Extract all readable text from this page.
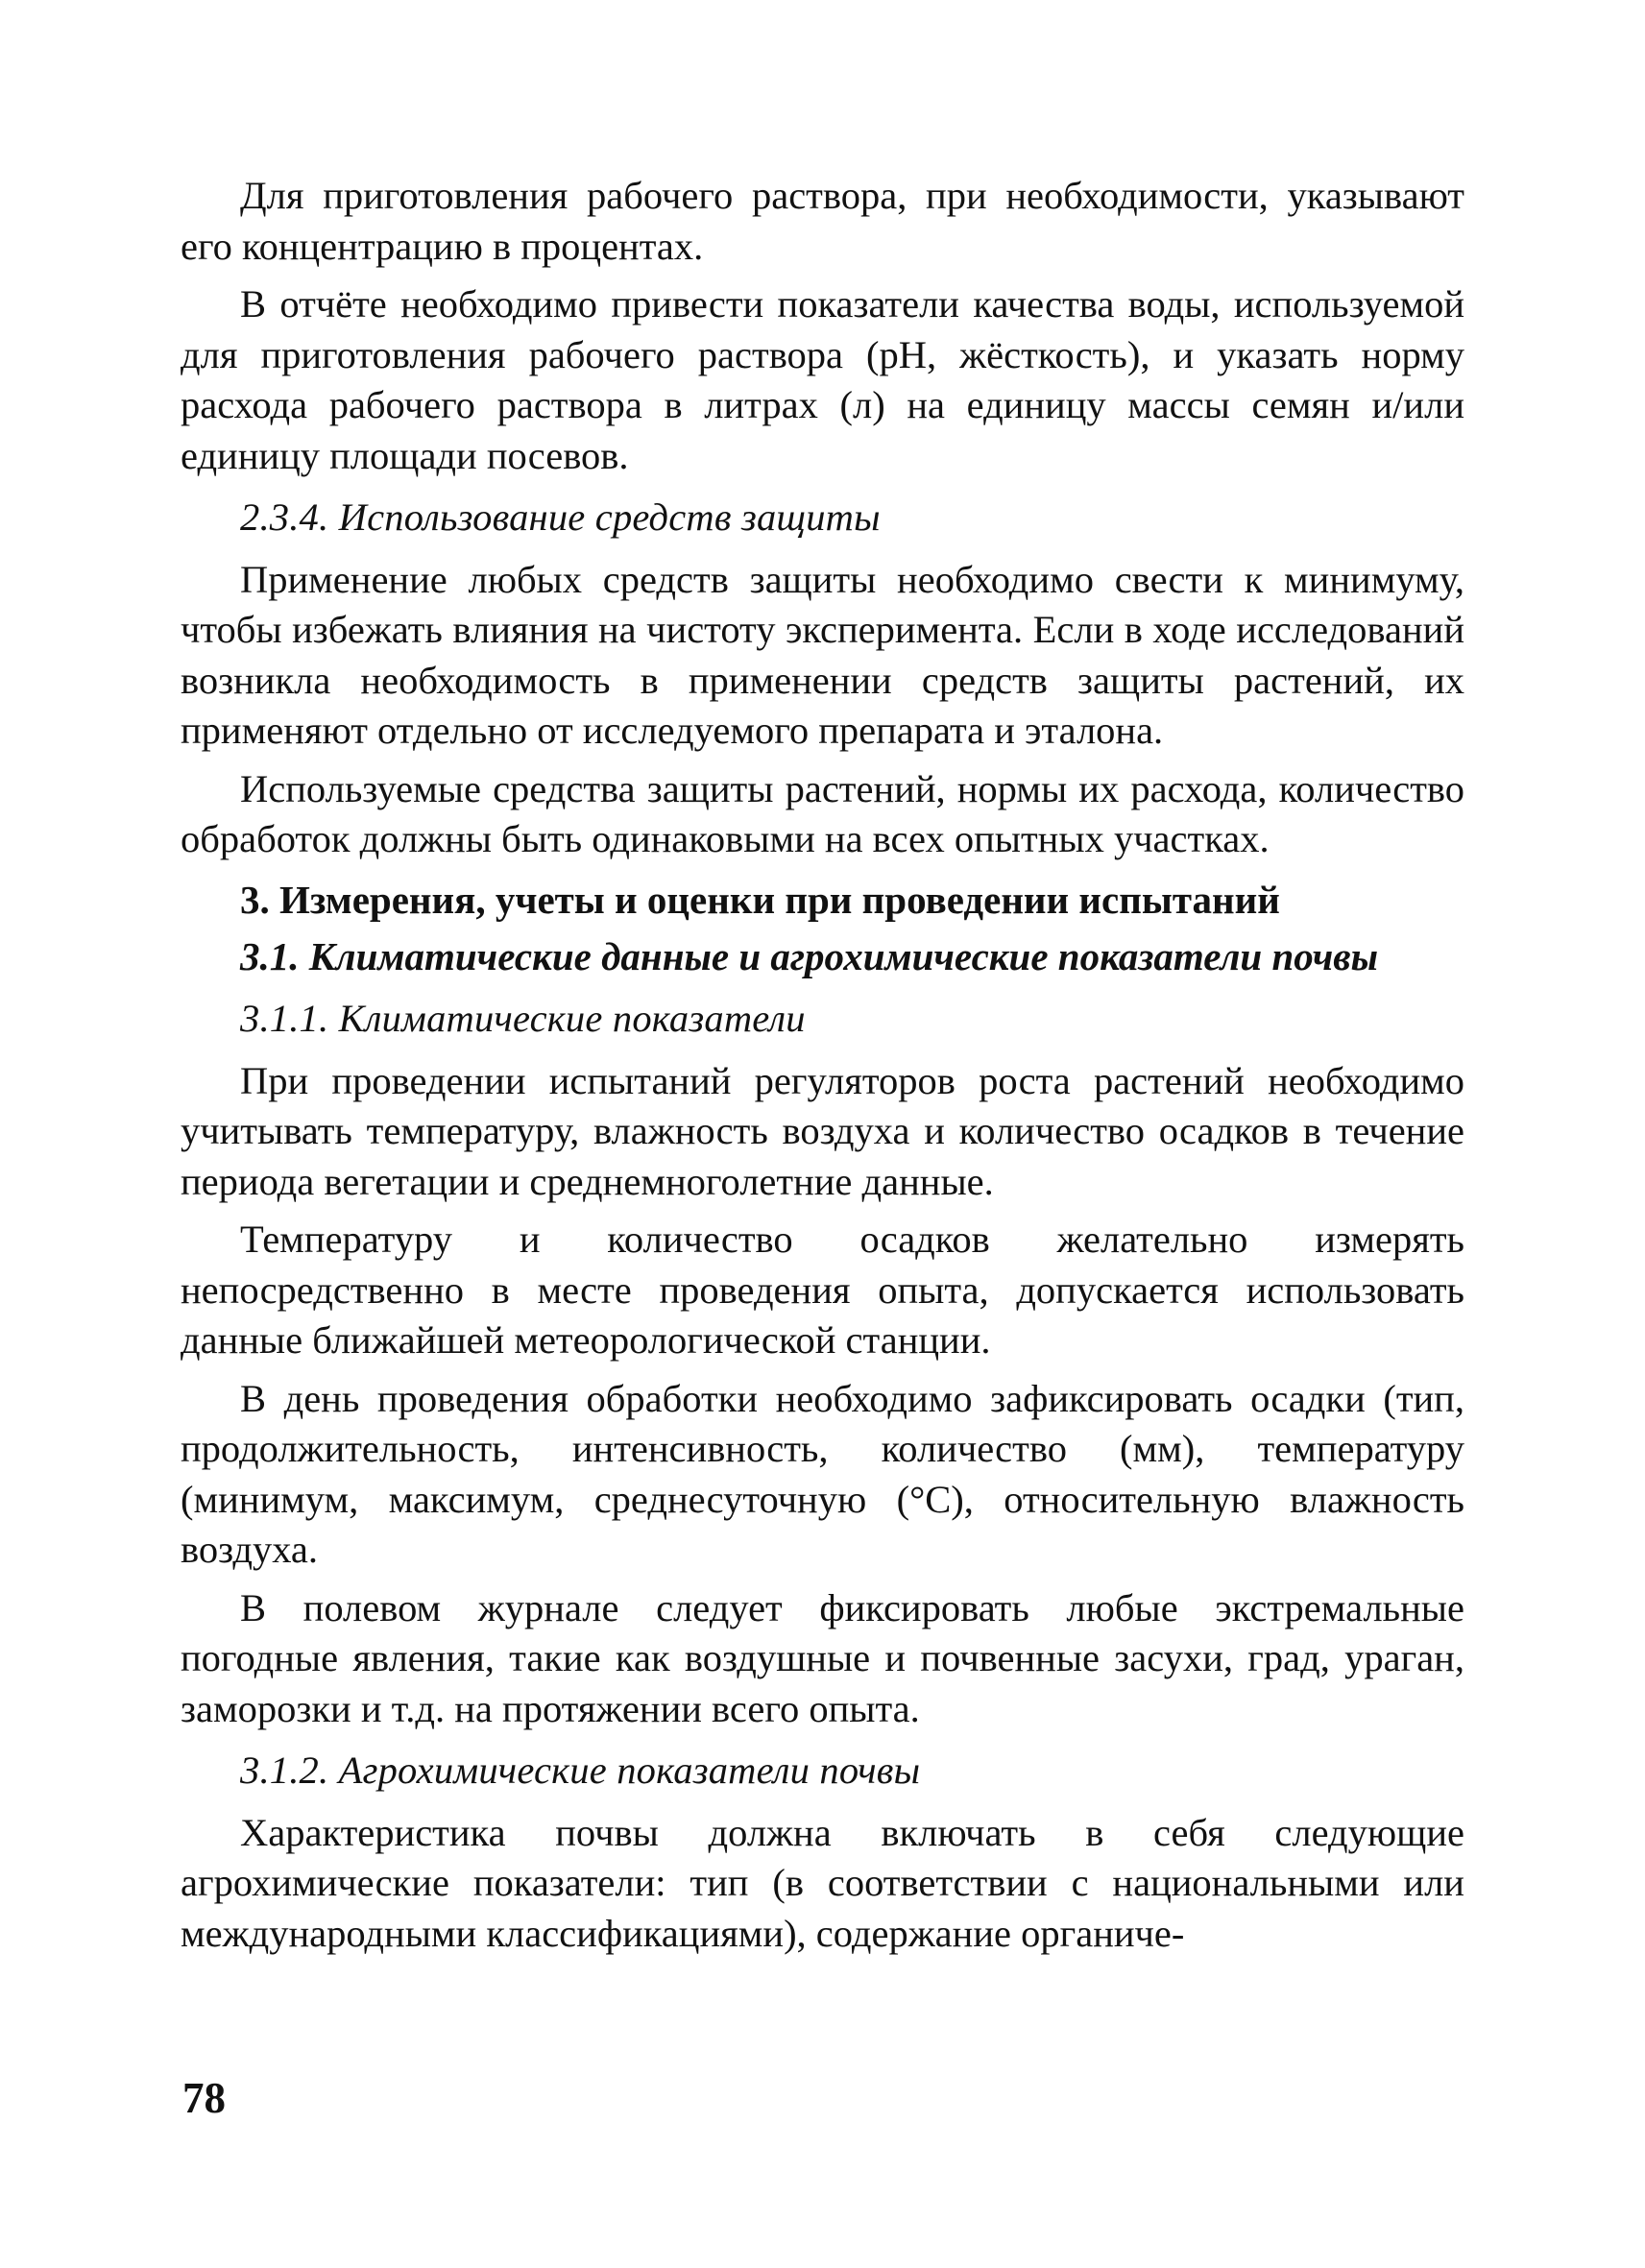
Для приготовления рабочего раствора, при необходимости, указывают его концентрацию в процентах.

В отчёте необходимо привести показатели качества воды, используемой для приготовления рабочего раствора (pH, жёсткость), и указать норму расхода рабочего раствора в литрах (л) на единицу массы семян и/или единицу площади посевов.

2.3.4. Использование средств защиты

Применение любых средств защиты необходимо свести к минимуму, чтобы избежать влияния на чистоту эксперимента. Если в ходе исследований возникла необходимость в применении средств защиты растений, их применяют отдельно от исследуемого препарата и эталона.

Используемые средства защиты растений, нормы их расхода, количество обработок должны быть одинаковыми на всех опытных участках.

3. Измерения, учеты и оценки при проведении испытаний

3.1. Климатические данные и агрохимические показатели почвы

3.1.1. Климатические показатели

При проведении испытаний регуляторов роста растений необходимо учитывать температуру, влажность воздуха и количество осадков в течение периода вегетации и среднемноголетние данные.

Температуру и количество осадков желательно измерять непосредственно в месте проведения опыта, допускается использовать данные ближайшей метеорологической станции.

В день проведения обработки необходимо зафиксировать осадки (тип, продолжительность, интенсивность, количество (мм), температуру (минимум, максимум, среднесуточную (°С), относительную влажность воздуха.

В полевом журнале следует фиксировать любые экстремальные погодные явления, такие как воздушные и почвенные засухи, град, ураган, заморозки и т.д. на протяжении всего опыта.

3.1.2. Агрохимические показатели почвы

Характеристика почвы должна включать в себя следующие агрохимические показатели: тип (в соответствии с национальными или международными классификациями), содержание органиче-

78
